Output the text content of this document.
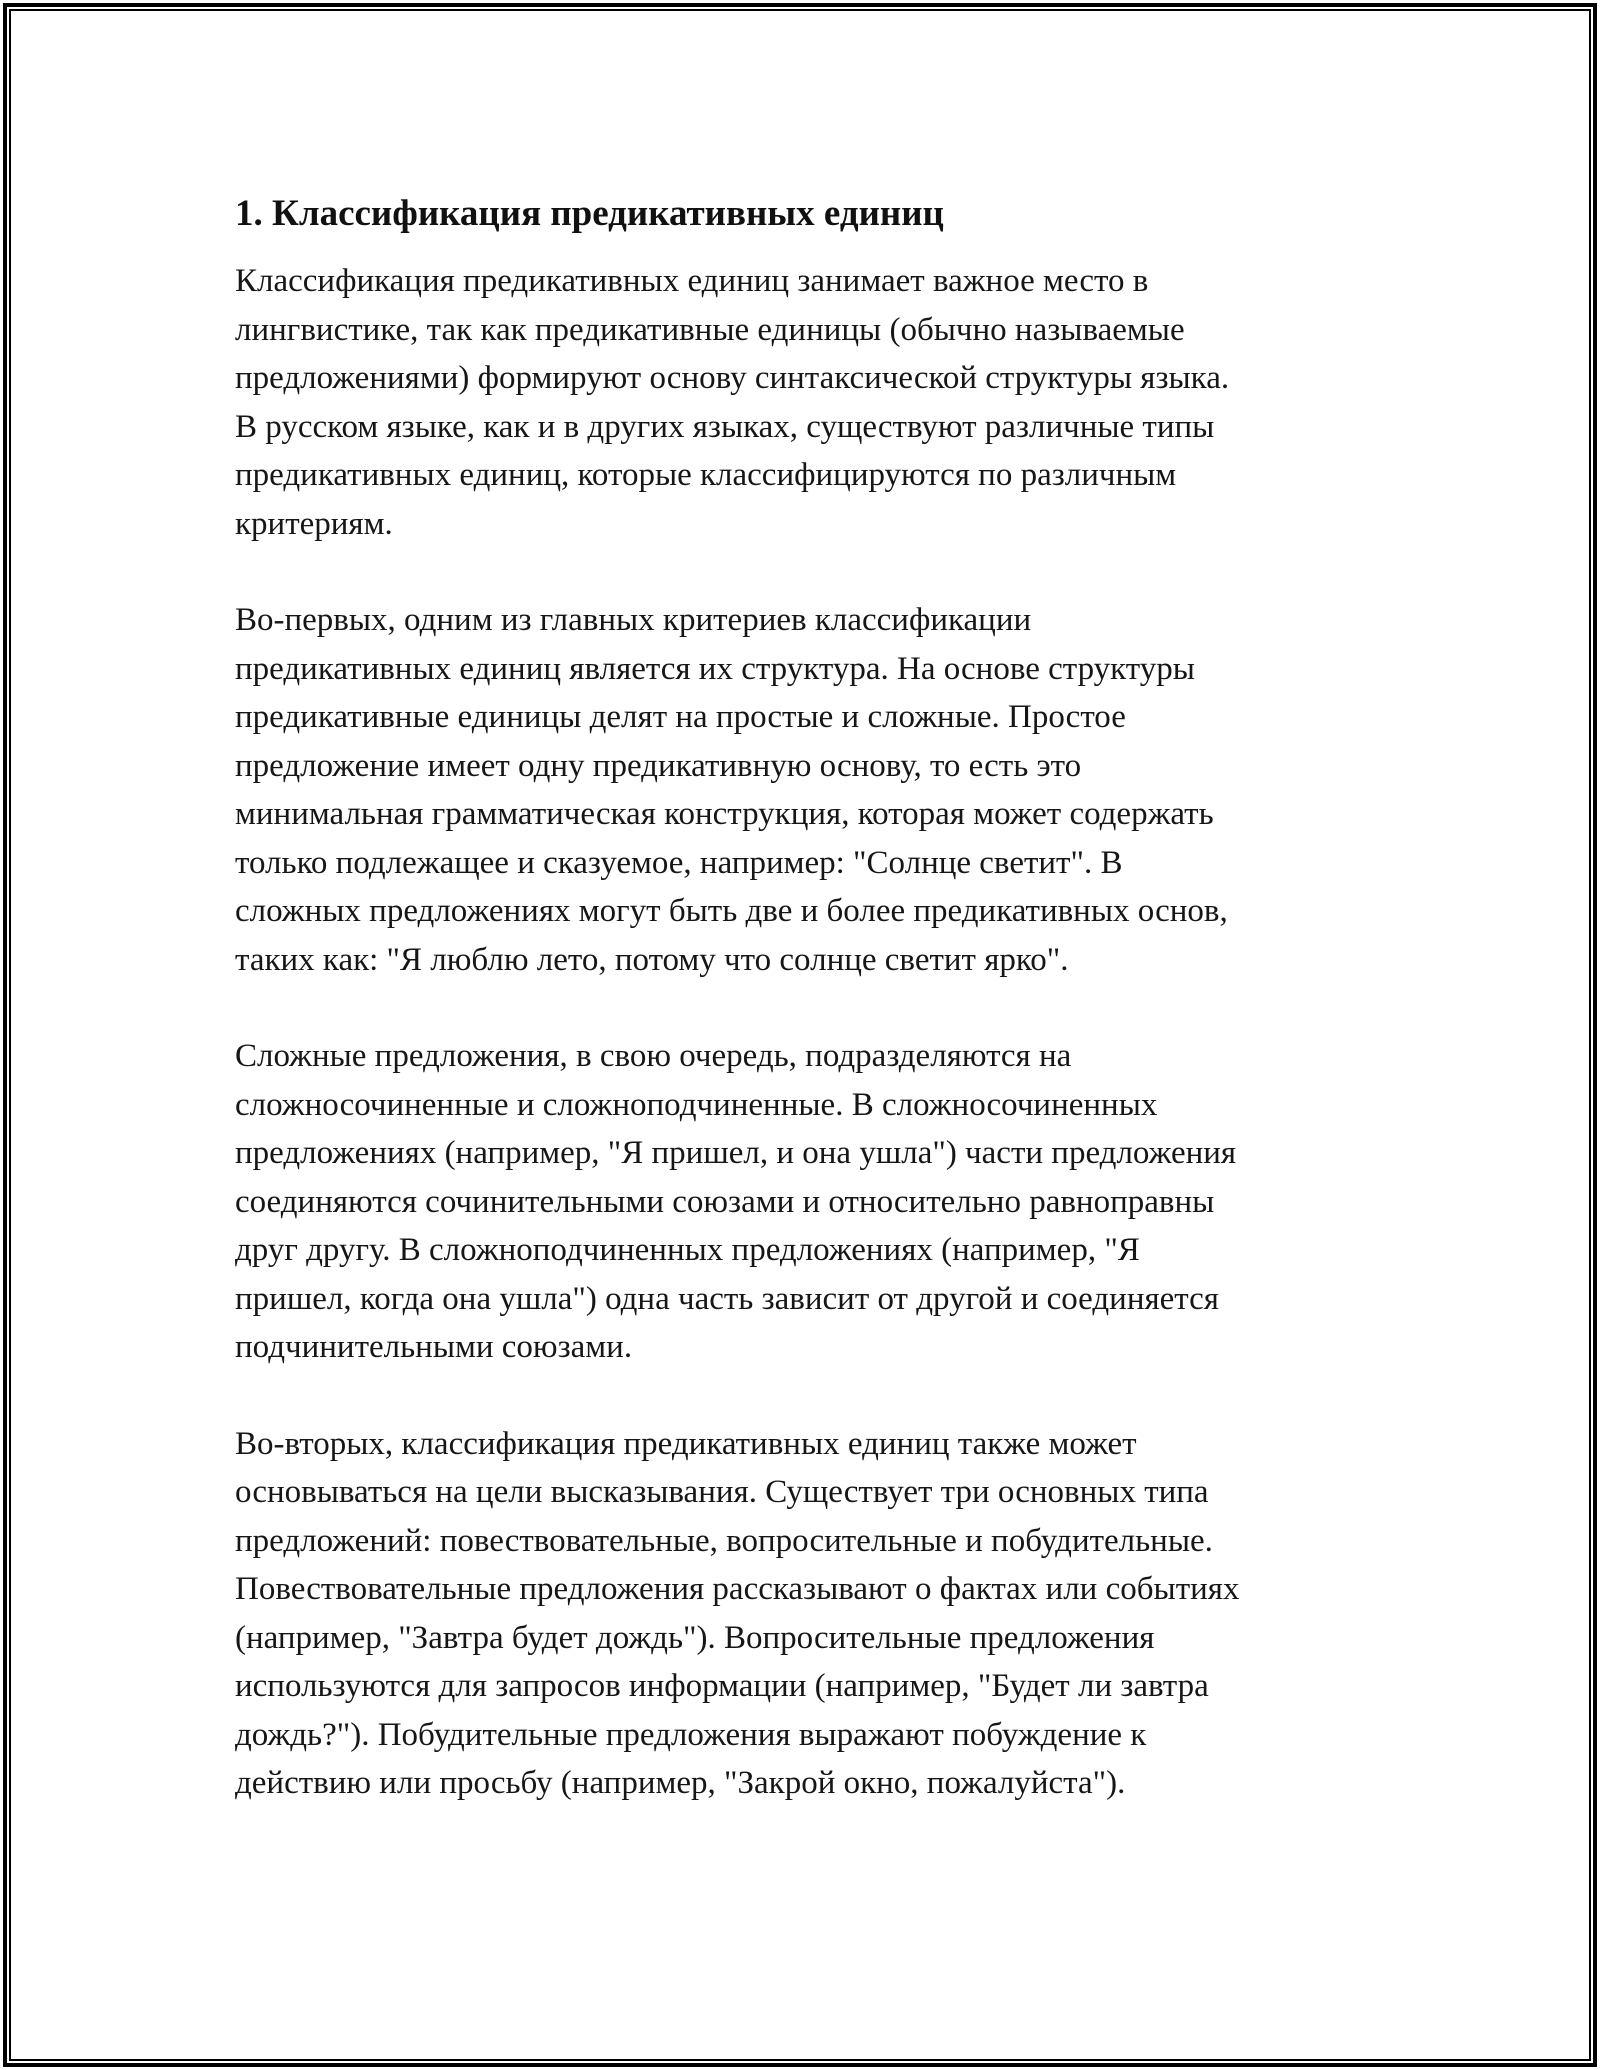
1. Классификация предикативных единиц

Классификация предикативных единиц занимает важное место в
лингвистике, так как предикативные единицы (обычно называемые
предложениями) формируют основу синтаксической структуры языка.
В русском языке, как и в других языках, существуют различные типы
предикативных единиц, которые классифицируются по различным
критериям.

Во-первых, одним из главных критериев классификации
предикативных единиц является их структура. На основе структуры
предикативные единицы делят на простые и сложные. Простое
предложение имеет одну предикативную основу, то есть это
минимальная грамматическая конструкция, которая может содержать
только подлежащее и сказуемое, например: "Солнце светит". В
сложных предложениях могут быть две и более предикативных основ,
таких как: "Я люблю лето, потому что солнце светит ярко".

Сложные предложения, в свою очередь, подразделяются на
сложносочиненные и сложноподчиненные. В сложносочиненных
предложениях (например, "Я пришел, и она ушла") части предложения
соединяются сочинительными союзами и относительно равноправны
друг другу. В сложноподчиненных предложениях (например, "Я
пришел, когда она ушла") одна часть зависит от другой и соединяется
подчинительными союзами.

Во-вторых, классификация предикативных единиц также может
основываться на цели высказывания. Существует три основных типа
предложений: повествовательные, вопросительные и побудительные.
Повествовательные предложения рассказывают о фактах или событиях
(например, "Завтра будет дождь"). Вопросительные предложения
используются для запросов информации (например, "Будет ли завтра
дождь?"). Побудительные предложения выражают побуждение к
действию или просьбу (например, "Закрой окно, пожалуйста").
